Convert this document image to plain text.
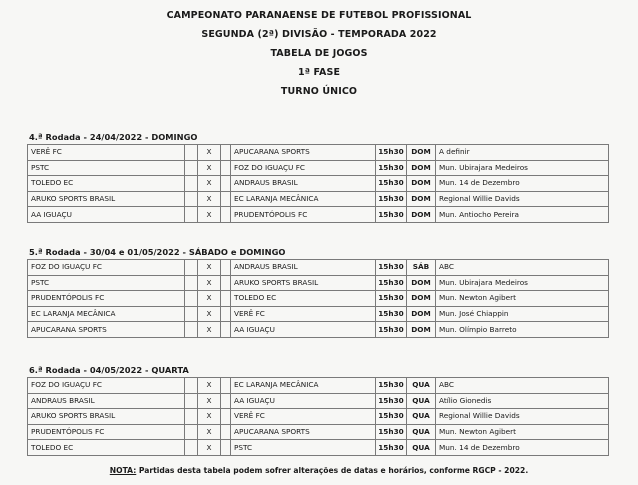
CAMPEONATO PARANAENSE DE FUTEBOL PROFISSIONAL
SEGUNDA (2ª) DIVISÃO - TEMPORADA 2022
TABELA DE JOGOS
1ª FASE
TURNO ÚNICO
4.ª Rodada - 24/04/2022 - DOMINGO
VERÊ FC		X		APUCARANA SPORTS	15h30	DOM	A definir
PSTC		X		FOZ DO IGUAÇU FC	15h30	DOM	Mun. Ubirajara Medeiros
TOLEDO EC		X		ANDRAUS BRASIL	15h30	DOM	Mun. 14 de Dezembro
ARUKO SPORTS BRASIL		X		EC LARANJA MECÂNICA	15h30	DOM	Regional Willie Davids
AA IGUAÇU		X		PRUDENTÓPOLIS FC	15h30	DOM	Mun. Antiocho Pereira
5.ª Rodada - 30/04 e 01/05/2022 - SÁBADO e DOMINGO
FOZ DO IGUAÇU FC		X		ANDRAUS BRASIL	15h30	SÁB	ABC
PSTC		X		ARUKO SPORTS BRASIL	15h30	DOM	Mun. Ubirajara Medeiros
PRUDENTÓPOLIS FC		X		TOLEDO EC	15h30	DOM	Mun. Newton Agibert
EC LARANJA MECÂNICA		X		VERÊ FC	15h30	DOM	Mun. José Chiappin
APUCARANA SPORTS		X		AA IGUAÇU	15h30	DOM	Mun. Olímpio Barreto
6.ª Rodada - 04/05/2022 - QUARTA
FOZ DO IGUAÇU FC		X		EC LARANJA MECÂNICA	15h30	QUA	ABC
ANDRAUS BRASIL		X		AA IGUAÇU	15h30	QUA	Atílio Gionedis
ARUKO SPORTS BRASIL		X		VERÊ FC	15h30	QUA	Regional Willie Davids
PRUDENTÓPOLIS FC		X		APUCARANA SPORTS	15h30	QUA	Mun. Newton Agibert
TOLEDO EC		X		PSTC	15h30	QUA	Mun. 14 de Dezembro
NOTA: Partidas desta tabela podem sofrer alterações de datas e horários, conforme RGCP - 2022.
